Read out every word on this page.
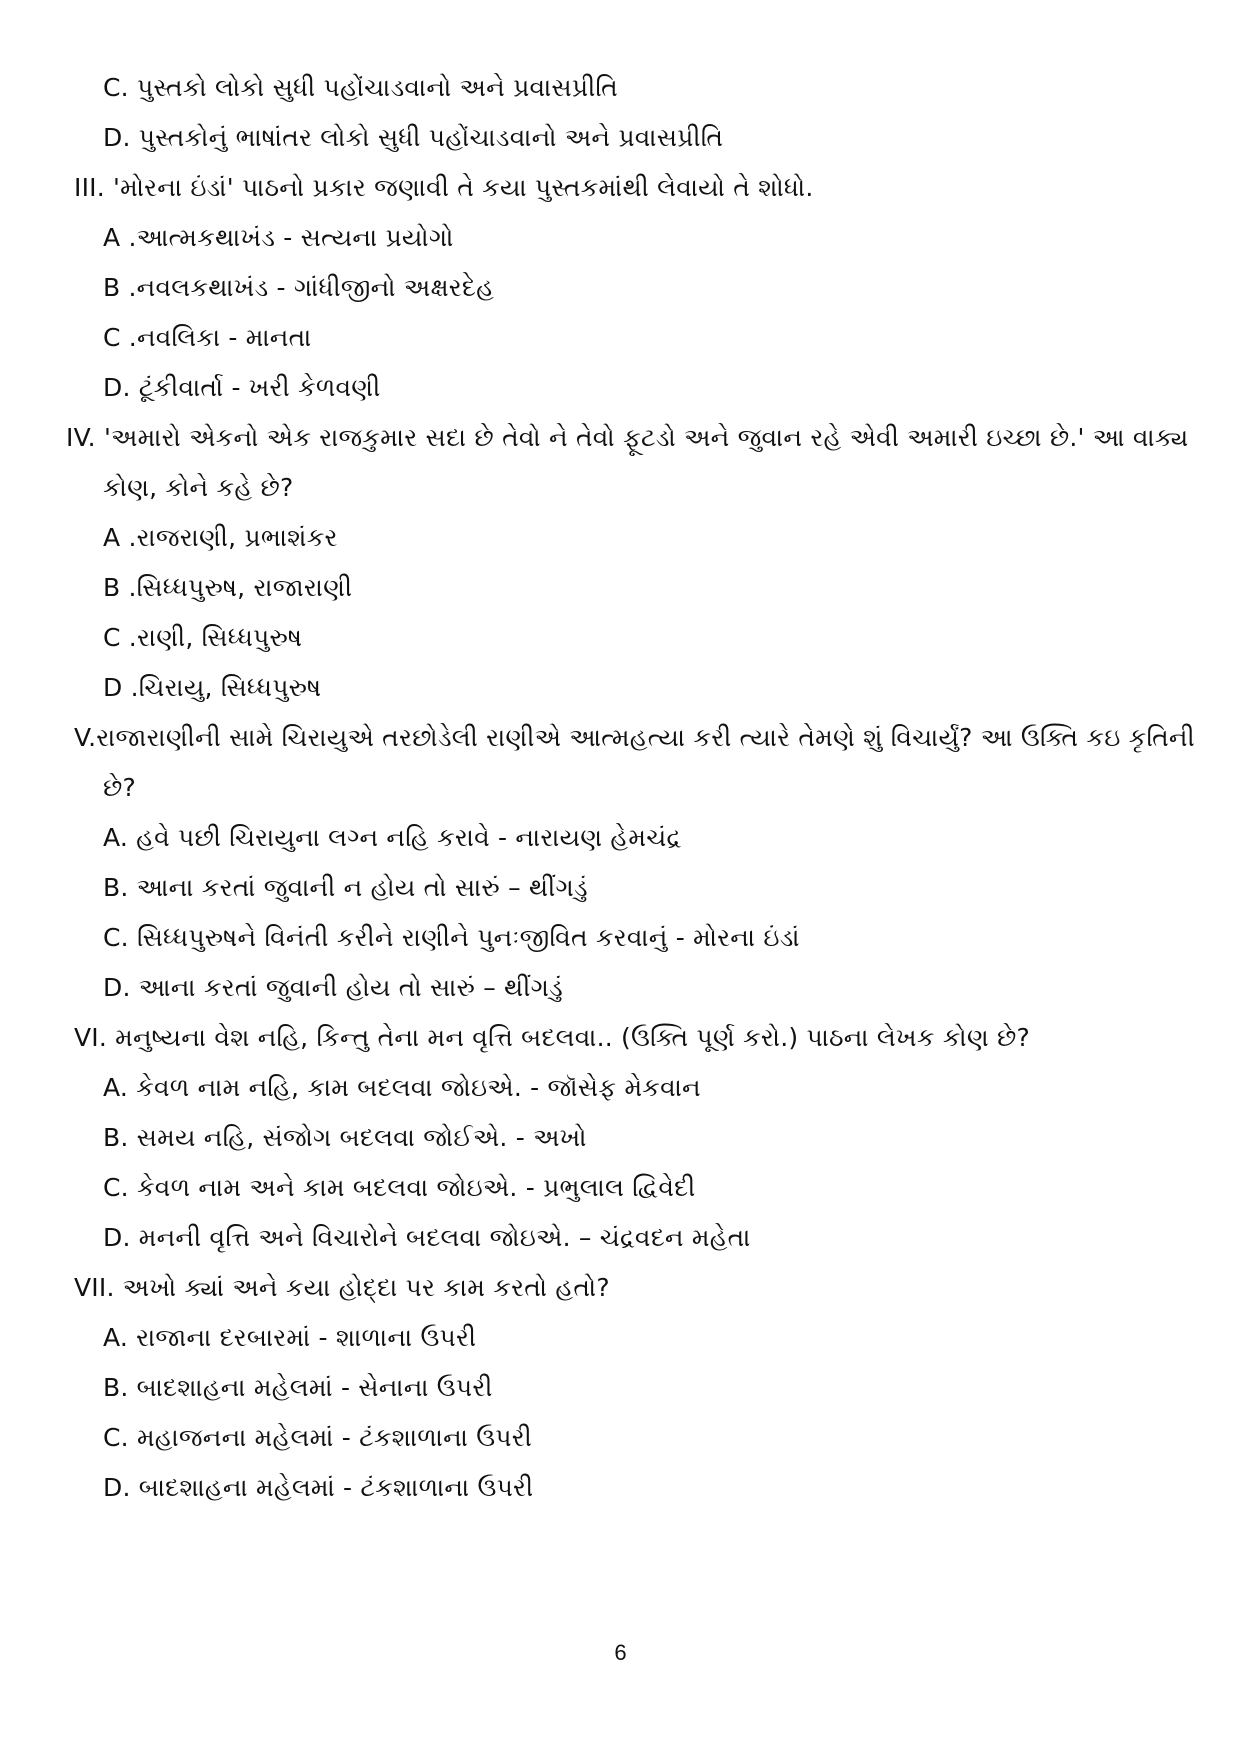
C. પુસ્તકો લોકો સુધી પહોંચાડવાનો અને પ્રવાસપ્રીતિ
D. પુસ્તકોનું ભાષાંતર લોકો સુધી પહોંચાડવાનો અને પ્રવાસપ્રીતિ
III. 'મોરના ઇંડાં' પાઠનો પ્રકાર જણાવી તે કયા પુસ્તકમાંથી લેવાયો તે શોધો.
A .આત્મકથાખંડ - સત્યના પ્રયોગો
B .નવલકથાખંડ - ગાંધીજીનો અક્ષરદેહ
C .નવલિકા - માનતા
D. ટૂંકીવાર્તા - ખરી કેળવણી
IV. 'અમારો એકનો એક રાજકુમાર સદા છે તેવો ને તેવો ફૂટડો અને જુવાન રહે એવી અમારી ઇચ્છા છે.' આ વાક્ય
કોણ, કોને કહે છે?
A .રાજરાણી, પ્રભાશંકર
B .સિધ્ધપુરુષ, રાજારાણી
C .રાણી, સિધ્ધપુરુષ
D .ચિરાયુ, સિધ્ધપુરુષ
V.રાજારાણીની સામે ચિરાયુએ તરછોડેલી રાણીએ આત્મહત્યા કરી ત્યારે તેમણે શું વિચાર્યું? આ ઉક્તિ કઇ કૃતિની
છે?
A. હવે પછી ચિરાયુના લગ્ન નહિ કરાવે - નારાયણ હેમચંદ્ર
B. આના કરતાં જુવાની ન હોય તો સારું – થીંગડું
C. સિધ્ધપુરુષને વિનંતી કરીને રાણીને પુનઃજીવિત કરવાનું - મોરના ઇંડાં
D. આના કરતાં જુવાની હોય તો સારું – થીંગડું
VI. મનુષ્યના વેશ નહિ, કિન્તુ તેના મન વૃત્તિ બદલવા.. (ઉક્તિ પૂર્ણ કરો.) પાઠના લેખક કોણ છે?
A. કેવળ નામ નહિ, કામ બદલવા જોઇએ. - જૉસેફ મેકવાન
B. સમય નહિ, સંજોગ બદલવા જોઈએ. - અખો
C. કેવળ નામ અને કામ બદલવા જોઇએ. - પ્રભુલાલ દ્વિવેદી
D. મનની વૃત્તિ અને વિચારોને બદલવા જોઇએ. – ચંદ્રવદન મહેતા
VII. અખો ક્યાં અને કયા હોદ્દા પર કામ કરતો હતો?
A. રાજાના દરબારમાં - શાળાના ઉપરી
B. બાદશાહના મહેલમાં - સેનાના ઉપરી
C. મહાજનના મહેલમાં - ટંકશાળાના ઉપરી
D. બાદશાહના મહેલમાં - ટંકશાળાના ઉપરી
6
